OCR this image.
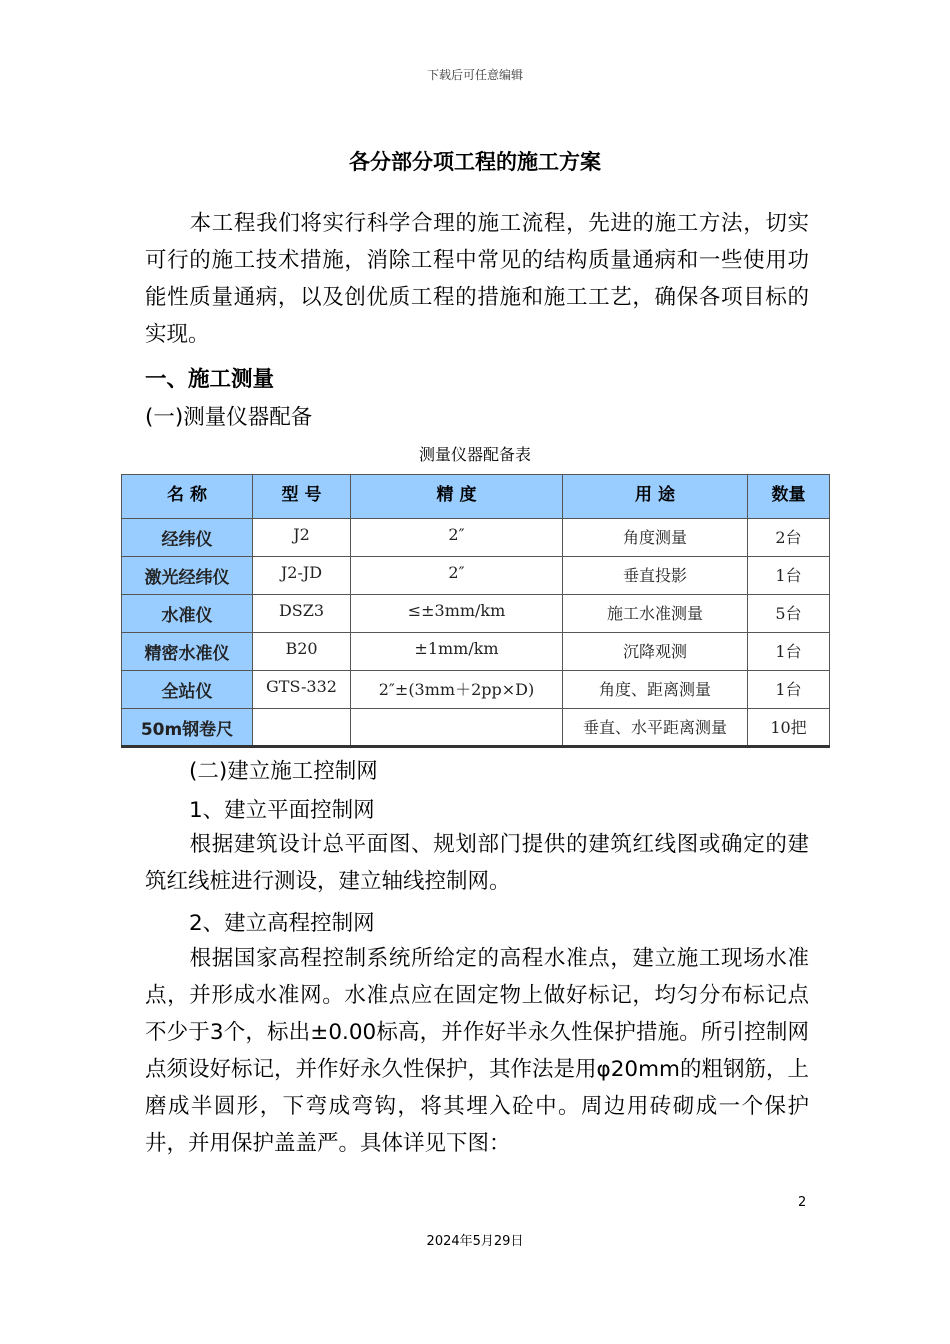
下载后可任意编辑
各分部分项工程的施工方案
本工程我们将实行科学合理的施工流程，先进的施工方法，切实可行的施工技术措施，消除工程中常见的结构质量通病和一些使用功能性质量通病，以及创优质工程的措施和施工工艺，确保各项目标的实现。
一、施工测量
(一)测量仪器配备
测量仪器配备表
名 称	型 号	精 度	用 途	数量
经纬仪	J2	2″	角度测量	2台
激光经纬仪	J2-JD	2″	垂直投影	1台
水准仪	DSZ3	≤±3mm/km	施工水准测量	5台
精密水准仪	B20	±1mm/km	沉降观测	1台
全站仪	GTS-332	2″±(3mm＋2pp×D)	角度、距离测量	1台
50m钢卷尺			垂直、水平距离测量	10把
(二)建立施工控制网
1、建立平面控制网
根据建筑设计总平面图、规划部门提供的建筑红线图或确定的建筑红线桩进行测设，建立轴线控制网。
2、建立高程控制网
根据国家高程控制系统所给定的高程水准点，建立施工现场水准点，并形成水准网。水准点应在固定物上做好标记，均匀分布标记点不少于3个，标出±0.00标高，并作好半永久性保护措施。所引控制网点须设好标记，并作好永久性保护，其作法是用φ20mm的粗钢筋，上磨成半圆形，下弯成弯钩，将其埋入砼中。周边用砖砌成一个保护井，并用保护盖盖严。具体详见下图：
2
2024年5月29日
